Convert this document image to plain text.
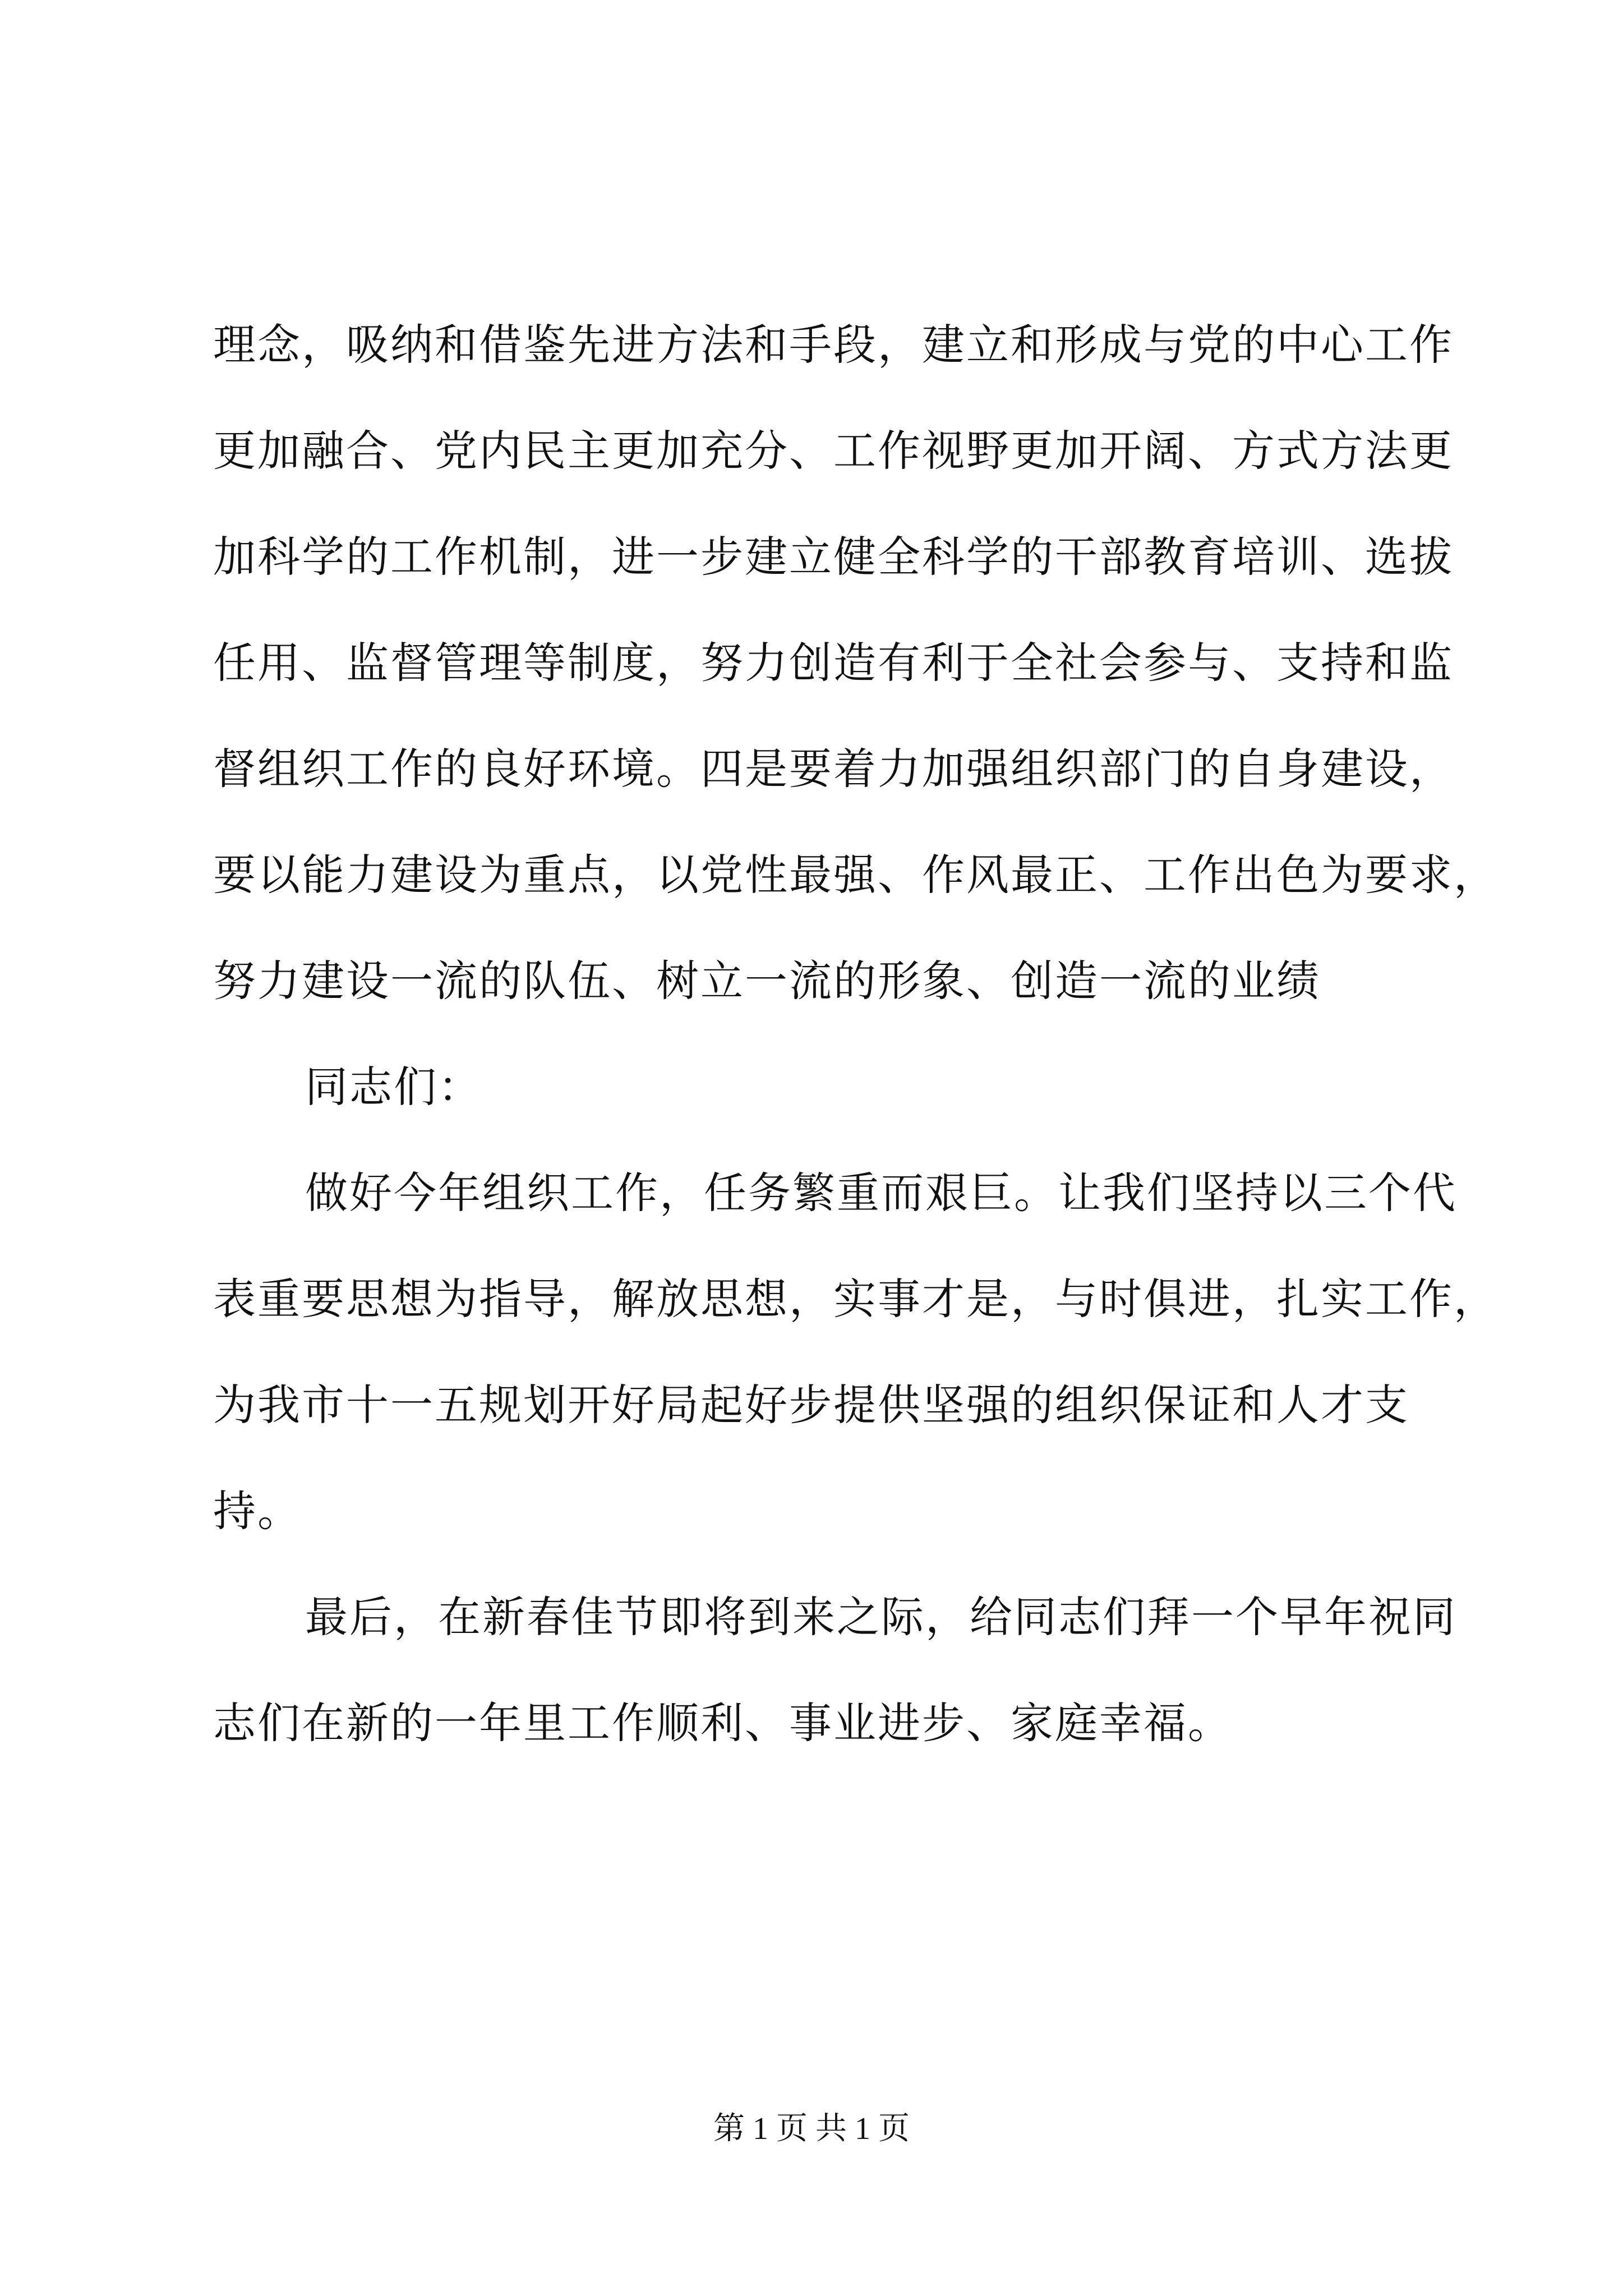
理念，吸纳和借鉴先进方法和手段，建立和形成与党的中心工作
更加融合、党内民主更加充分、工作视野更加开阔、方式方法更
加科学的工作机制，进一步建立健全科学的干部教育培训、选拔
任用、监督管理等制度，努力创造有利于全社会参与、支持和监
督组织工作的良好环境。四是要着力加强组织部门的自身建设，
要以能力建设为重点，以党性最强、作风最正、工作出色为要求，
努力建设一流的队伍、树立一流的形象、创造一流的业绩
同志们：
做好今年组织工作，任务繁重而艰巨。让我们坚持以三个代
表重要思想为指导，解放思想，实事才是，与时俱进，扎实工作，
为我市十一五规划开好局起好步提供坚强的组织保证和人才支
持。
最后，在新春佳节即将到来之际，给同志们拜一个早年祝同
志们在新的一年里工作顺利、事业进步、家庭幸福。
第 1 页 共 1 页
